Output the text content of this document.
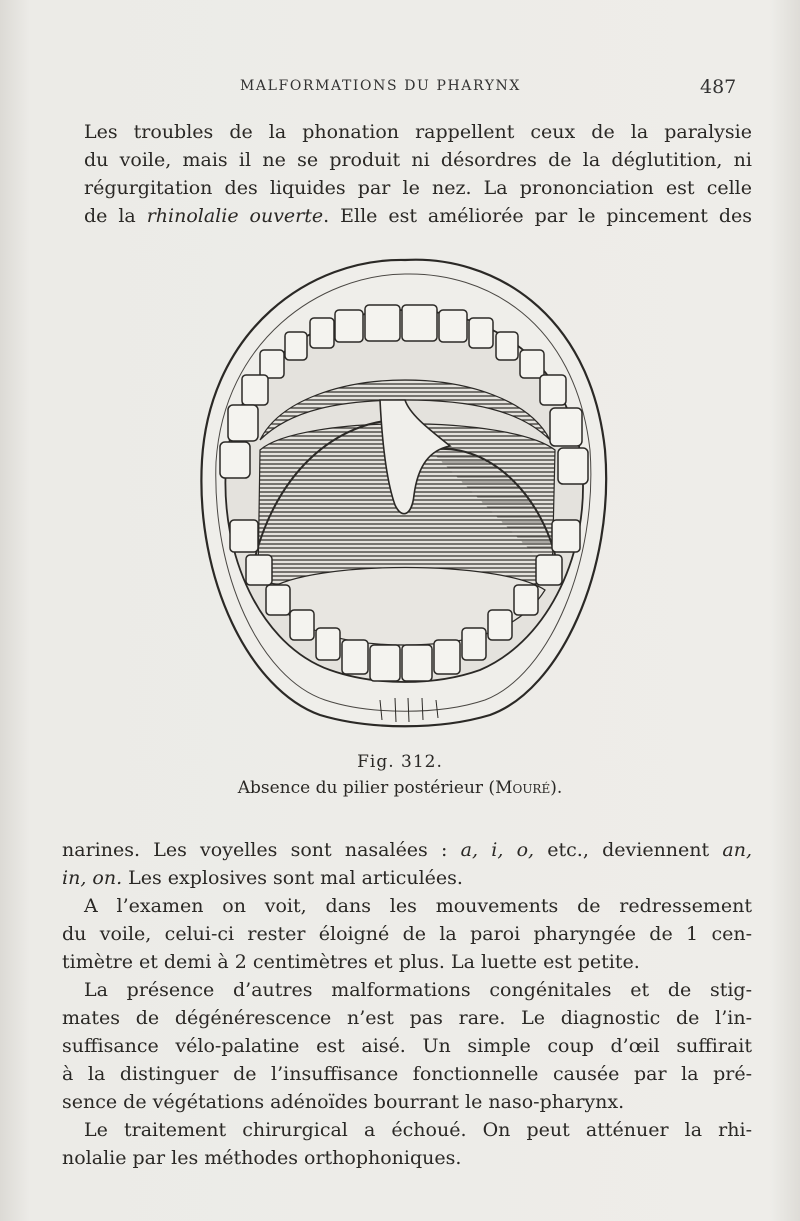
MALFORMATIONS DU PHARYNX	487
Les troubles de la phonation rappellent ceux de la paralysie
du voile, mais il ne se produit ni désordres de la déglutition, ni
régurgitation des liquides par le nez. La prononciation est celle
de la rhinolalie ouverte. Elle est améliorée par le pincement des
Fig. 312.
Absence du pilier postérieur (Mouré).
narines. Les voyelles sont nasalées : a, i, o, etc., deviennent an,
in, on. Les explosives sont mal articulées.
A l’examen on voit, dans les mouvements de redressement
du voile, celui-ci rester éloigné de la paroi pharyngée de 1 cen-
timètre et demi à 2 centimètres et plus. La luette est petite.
La présence d’autres malformations congénitales et de stig-
mates de dégénérescence n’est pas rare. Le diagnostic de l’in-
suffisance vélo-palatine est aisé. Un simple coup d’œil suffirait
à la distinguer de l’insuffisance fonctionnelle causée par la pré-
sence de végétations adénoïdes bourrant le naso-pharynx.
Le traitement chirurgical a échoué. On peut atténuer la rhi-
nolalie par les méthodes orthophoniques.
